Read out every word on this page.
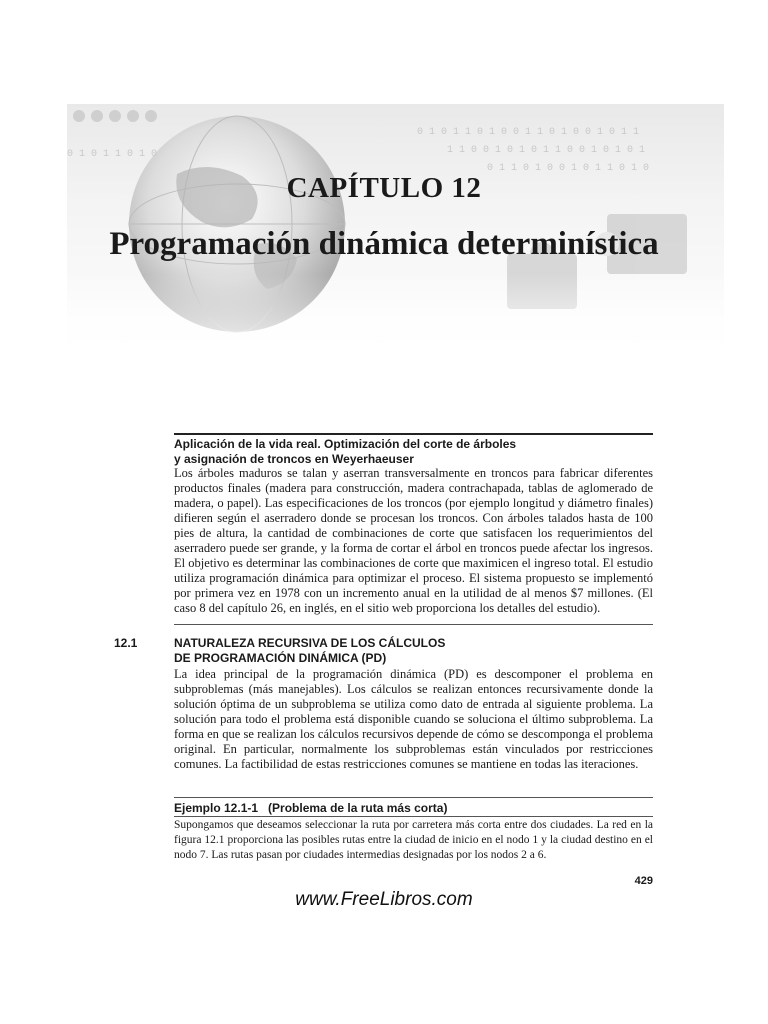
0 1 0 1 1 0 1 0 0 1 1 0 1 0 0 1 0 1 1
1 1 0 0 1 0 1 0 1 1 0 0 1 0 1 0 1
0 1 1 0 1 0 0 1 0 1 1 0 1 0
0 1 0 1 1 0 1 0
CAPÍTULO 12
Programación dinámica determinística
Aplicación de la vida real. Optimización del corte de árboles
y asignación de troncos en Weyerhaeuser

Los árboles maduros se talan y aserran transversalmente en troncos para fabricar diferentes productos finales (madera para construcción, madera contrachapada, tablas de aglomerado de madera, o papel). Las especificaciones de los troncos (por ejemplo longitud y diámetro finales) difieren según el aserradero donde se procesan los troncos. Con árboles talados hasta de 100 pies de altura, la cantidad de combinaciones de corte que satisfacen los requerimientos del aserradero puede ser grande, y la forma de cortar el árbol en troncos puede afectar los ingresos. El objetivo es determinar las combinaciones de corte que maximicen el ingreso total. El estudio utiliza programación dinámica para optimizar el proceso. El sistema propuesto se implementó por primera vez en 1978 con un incremento anual en la utilidad de al menos $7 millones. (El caso 8 del capítulo 26, en inglés, en el sitio web proporciona los detalles del estudio).

12.1	NATURALEZA RECURSIVA DE LOS CÁLCULOS
DE PROGRAMACIÓN DINÁMICA (PD)

La idea principal de la programación dinámica (PD) es descomponer el problema en subproblemas (más manejables). Los cálculos se realizan entonces recursivamente donde la solución óptima de un subproblema se utiliza como dato de entrada al siguiente problema. La solución para todo el problema está disponible cuando se soluciona el último subproblema. La forma en que se realizan los cálculos recursivos depende de cómo se descomponga el problema original. En particular, normalmente los subproblemas están vinculados por restricciones comunes. La factibilidad de estas restricciones comunes se mantiene en todas las iteraciones.

Ejemplo 12.1-1 (Problema de la ruta más corta)

Supongamos que deseamos seleccionar la ruta por carretera más corta entre dos ciudades. La red en la figura 12.1 proporciona las posibles rutas entre la ciudad de inicio en el nodo 1 y la ciudad destino en el nodo 7. Las rutas pasan por ciudades intermedias designadas por los nodos 2 a 6.

429
www.FreeLibros.com
